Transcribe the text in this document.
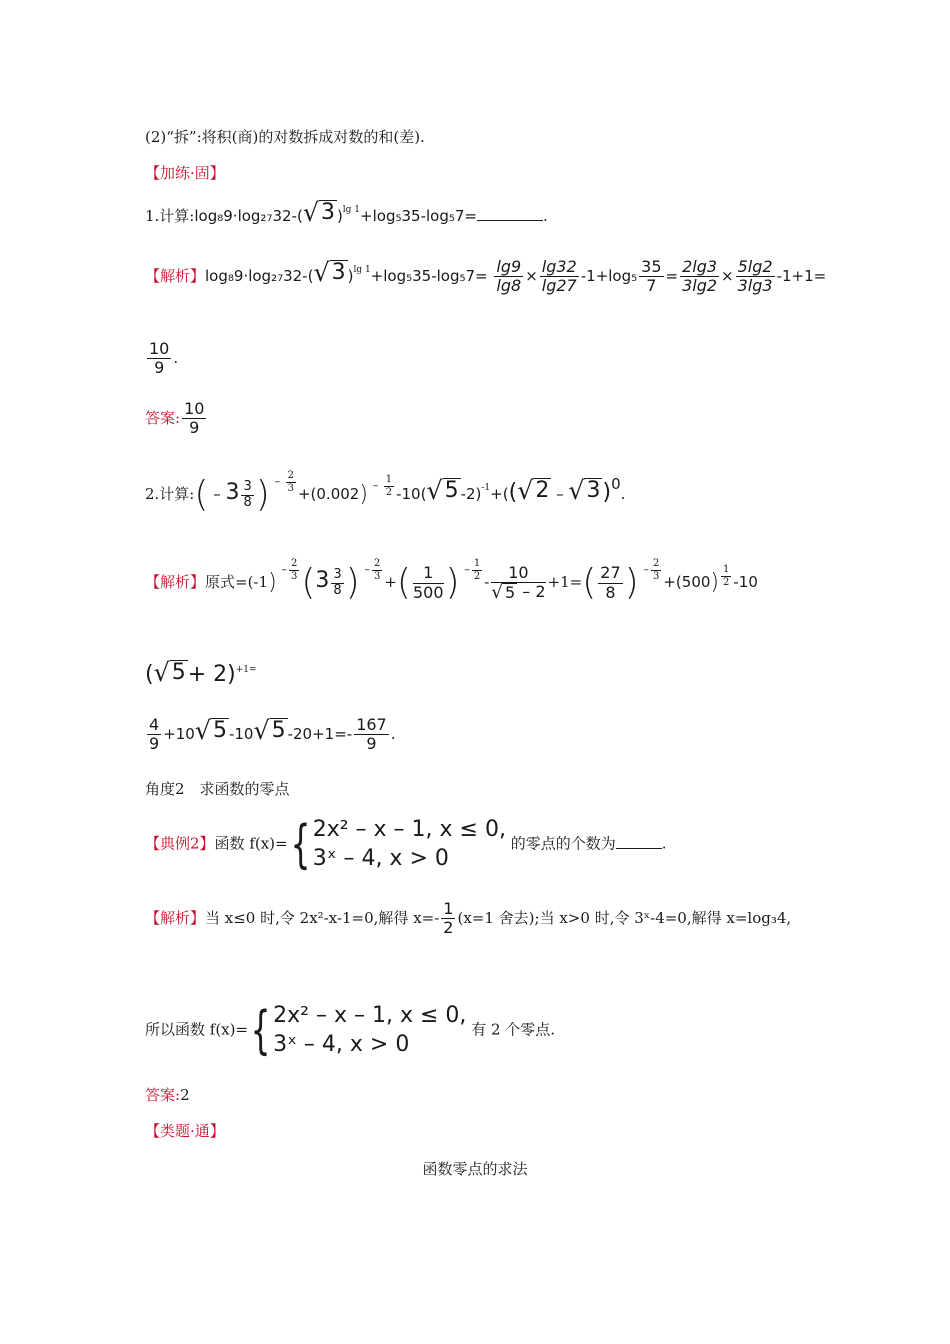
(2)“拆”:将积(商)的对数拆成对数的和(差).
【加练·固】
1.计算:log₈9·log₂₇32-( √ 3 )$^{lg 1}$+log₅35-log₅7=	.
【解析】log₈9·log₂₇32-( √ 3 )$^{lg 1}+\log_535-\log_57= \frac{\lg 9}{\lg 8} \times \frac{\lg 32}{\lg 27} -1+\log_5 \frac{35}{7} = \frac{2\lg 3}{3\lg 2} \times \frac{5\lg 2}{3\lg 3} -1+1=$
$\frac{10}{9}$ .
答案: $\frac{10}{9}$
2.计算:( – $3 \frac{3}{8}$ ) $^{- \frac{2}{3}}$ +(0.002) $^{- \frac{1}{2}}$ -10( √ 5 -2)$^{-1}$+(( √ 2 – √ 3 )0.
【解析】原式=(-1) $^{- \frac{2}{3}}$ ($3 \frac{3}{8}$ ) $^{- \frac{2}{3}}$ +( $\frac{1}{500}$ ) $^{- \frac{1}{2}} - \frac{10}{√ 5 - 2} +1=( \frac{27}{8}$ ) $^{- \frac{2}{3}}$ +(500) $^{\frac{1}{2}}$ -10
( √ 5 + 2)$^{+1=}$
$\frac{4}{9} +10$ √ 5 -10 √ 5 $-20+1=- \frac{167}{9}$ .
角度2　求函数的零点
【典例2】函数 f(x)={ 2x² – x – 1, x ≤ 0,
3ˣ – 4, x > 0
的零点的个数为	.
【解析】当 x≤0 时,令 2x²-x-1=0,解得 $x=- \frac{1}{2} (x=1$ 舍去);当 x>0 时,令 3ˣ-4=0,解得 x=log₃4,
所以函数 f(x)={ 2x² – x – 1, x ≤ 0,
3ˣ – 4, x > 0
有 2 个零点.
答案:2
【类题·通】
函数零点的求法
